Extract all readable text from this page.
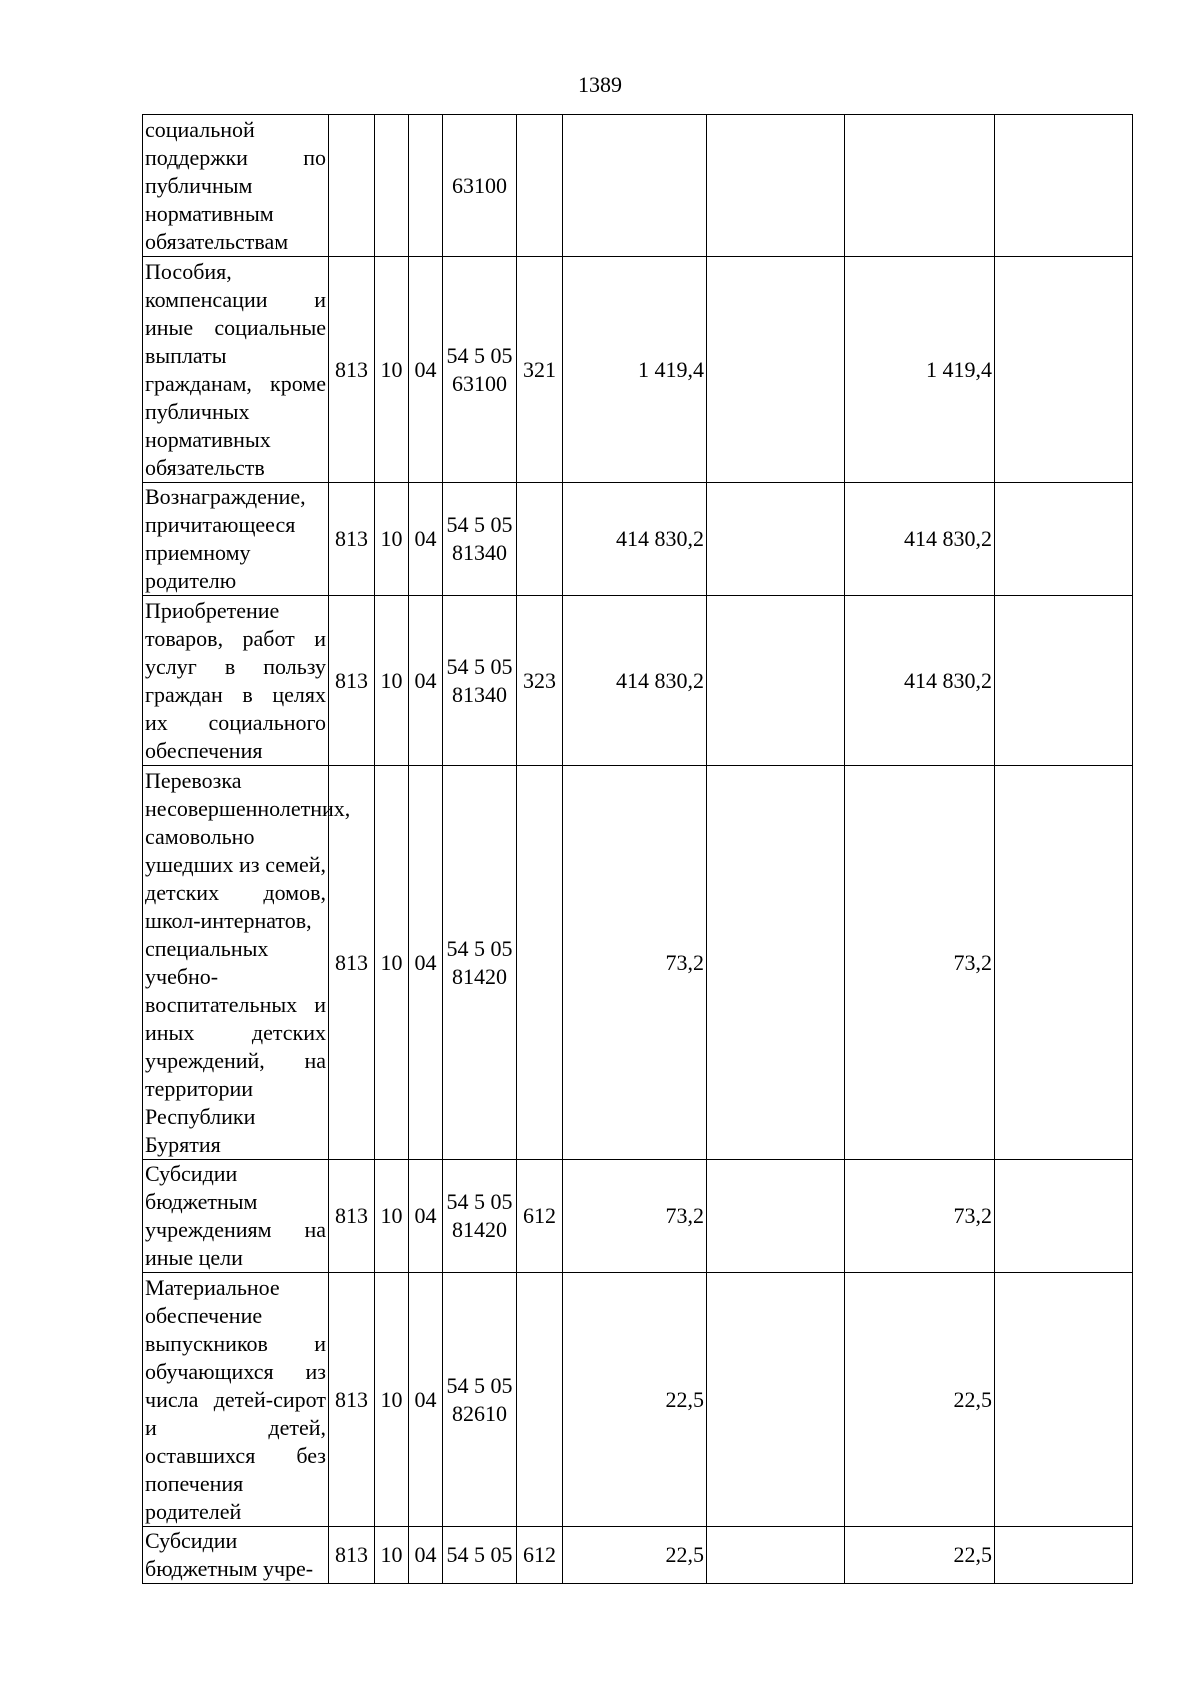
1389
социальной поддержки по публичным нормативным обязательствам				63100					
Пособия, компенсации и иные социальные выплаты гражданам, кроме публичных нормативных обязательств	813	10	04	54 5 05 63100	321	1 419,4		1 419,4	
Вознаграждение, причитающееся приемному родителю	813	10	04	54 5 05 81340		414 830,2		414 830,2	
Приобретение товаров, работ и услуг в пользу граждан в целях их социального обеспечения	813	10	04	54 5 05 81340	323	414 830,2		414 830,2	
Перевозка несовершеннолетних, самовольно ушедших из семей, детских домов, школ-интернатов, специальных учебно-воспитательных и иных детских учреждений, на территории Республики Бурятия	813	10	04	54 5 05 81420		73,2		73,2	
Субсидии бюджетным учреждениям на иные цели	813	10	04	54 5 05 81420	612	73,2		73,2	
Материальное обеспечение выпускников и обучающихся из числа детей-сирот и детей, оставшихся без попечения родителей	813	10	04	54 5 05 82610		22,5		22,5	
Субсидии бюджетным учре-	813	10	04	54 5 05	612	22,5		22,5	
